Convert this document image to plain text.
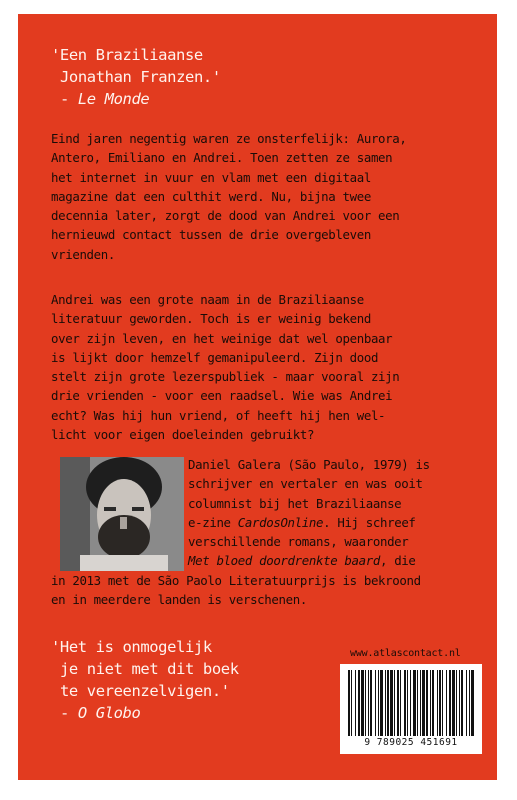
'Een Braziliaanse
Jonathan Franzen.'
- Le Monde
Eind jaren negentig waren ze onsterfelijk: Aurora,
Antero, Emiliano en Andrei. Toen zetten ze samen
het internet in vuur en vlam met een digitaal
magazine dat een culthit werd. Nu, bijna twee
decennia later, zorgt de dood van Andrei voor een
hernieuwd contact tussen de drie overgebleven
vrienden.
Andrei was een grote naam in de Braziliaanse
literatuur geworden. Toch is er weinig bekend
over zijn leven, en het weinige dat wel openbaar
is lijkt door hemzelf gemanipuleerd. Zijn dood
stelt zijn grote lezerspubliek - maar vooral zijn
drie vrienden - voor een raadsel. Wie was Andrei
echt? Was hij hun vriend, of heeft hij hen wel-
licht voor eigen doeleinden gebruikt?
Daniel Galera (São Paulo, 1979) is
schrijver en vertaler en was ooit
columnist bij het Braziliaanse
e-zine CardosOnline. Hij schreef
verschillende romans, waaronder
Met bloed doordrenkte baard, die
in 2013 met de São Paolo Literatuurprijs is bekroond
en in meerdere landen is verschenen.
'Het is onmogelijk
je niet met dit boek
te vereenzelvigen.'
- O Globo
www.atlascontact.nl
9 789025 451691
